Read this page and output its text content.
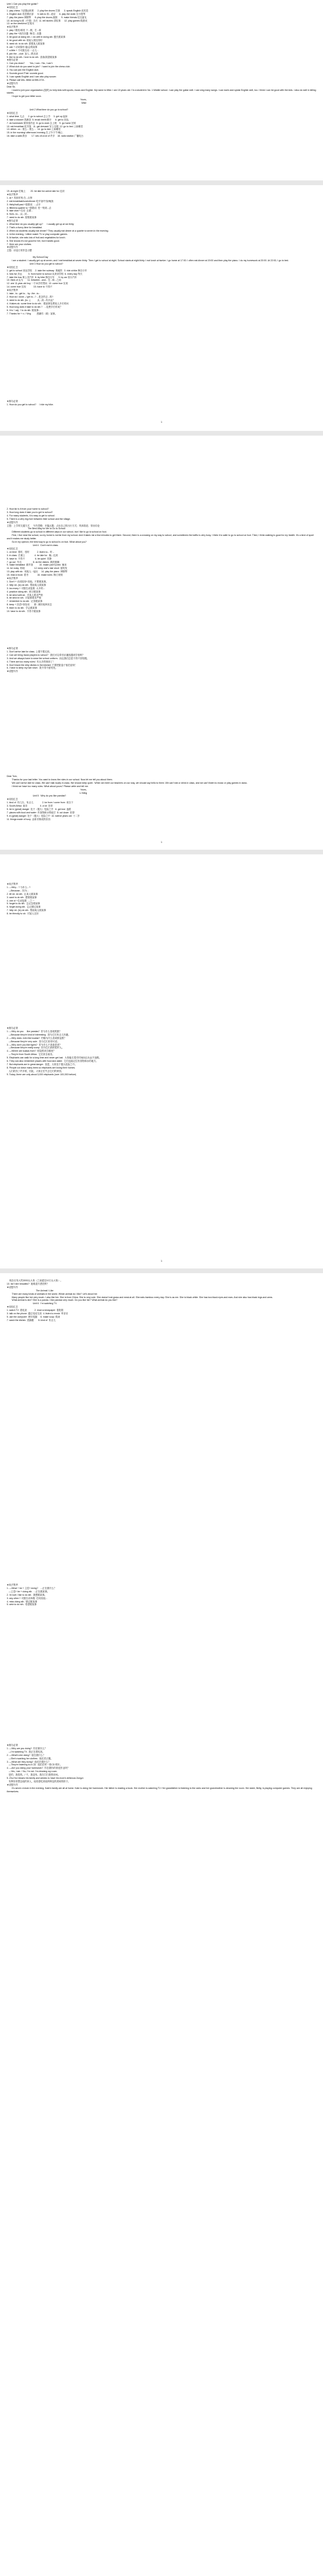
Unit 1 Can you play the guitar?
★词组汇总
1. play chess 下(国际)象棋      2. play the drums 打鼓      3. speak English 说英语
4. English club 英语俱乐部      5. talk to 和...说话      6. play the violin 拉小提琴
7. play the piano 弹钢琴      8. play the drums 敲鼓      9. make friends 结交朋友
10. do kung fu 练（中国）功夫  11. tell stories 讲故事      12. play games 做游戏
13. on the weekend 在周末
★用法集萃
1. play +棋类/球类 下...棋，打...球
2. play the +西洋乐器  弹/拉...乐器
3. be good at doing sth. = do well in doing sth. 擅长做某事
4. be good with sb. 和某人相处得好
5. need sb. to do sth. 需要某人做某事
6. can + 动词原形 能/会做某事
7. a little + 不可数名词 一点儿...
8. join the ...club  加入...俱乐部
9. like to do sth. / love to do sth.  喜欢/渴望做某事
★典句必背
1. Can you draw?        Yes, I can. / No, I can't.
2. What club do you want to join?  I want to join the chess club.
3. You can join the English club.
4. Sounds good./That  sounds good.
5. I can speak English and I can also play soccer.
6. Please call Mrs. Miller at 555-3721.
★话题写作
Dear Sir,
I want to join your organization (组织) to help kids with sports, music and English. My name is Mike. I am 15 years old. I'm a student in No. 1 Middle school. I can play the guitar well. I can sing many songs. I can swim and speak English well, too. I think I can be good with the kids. I also do well in telling stories.
I hope to get your letter soon.
Yours,
Mike

Unit 2 What time do you go to school?
★词组汇总
1. what time 几点      2. go to school 去上学     3. get up 起床
4. take a shower 洗淋浴  5. brush teeth 刷牙      6. get to 到达
7. do homework 做家庭作业  8. go to work 去上班    9. go home 回家
10. eat breakfast 吃早饭   11. get dressed 穿上衣服  12. go to bed 上床睡觉
13. either...or... 要么…要么…  14. go to bed 上床睡觉
15. in the morning/ afternoon/ evening 在上午/下午/晚上
16. take a walk 散步       17. lots of=a lot of 许多    18. radio station 广播电台

19. at night 在晚上        20. be late for=arrive late for 迟到
★用法集萃
1. at + 具体时刻 在...点钟
2. eat breakfast/lunch/dinner 吃早饭/午饭/晚饭
3. thirty/half past +基数词   ...点半
4. fifteen/a quarter to +基数词  差一刻到...点
5. take a/an +名词  去做...
6. from...to... 从...到...
7. need to do sth. 需要做某事
★典句必背
1. What time do you usually get up?      I usually get up at six thirty.
2. That's a funny time for breakfast.
3. When do students usually eat dinner? They usually eat dinner at a quarter to seven in the evening.
4. In the evening, I either watch TV or play computer games.
5. At twelve, she eats lots of fruit and vegetables for lunch.
6. She knows it's not good for her, but it tastes good.
7. Here are your clothes.
★话题写作
主题：谈论日常作息习惯

My School Day
I am a student. I usually get up at seven, and I eat breakfast at seven thirty. Then I get to school at eight. School starts at eight thirty. I eat lunch at twelve. I go home at 17:00. I often eat dinner at 19:00 and then play the piano. I do my homework at 20:00. At 22:00, I go to bed.
Unit 3 How do you get to school?
★词组汇总
1. get to school 到达学校     2. take the subway  乘地铁   3. ride a bike 骑自行车
4. how far 多远          5. from home to school 从家到学校  6. every day 每天
7. take the bus 乘公共汽车  8. by bike 骑自行车      9. by car 坐小汽车
10. think of 认为       11. between...and... 在...和...之间
12. one 11-year-old boy 一个11岁的男孩  13. come true 实现
14. come true 实现            15. have to 不得不
★用法集萃
1. take...to...get to... by...the...to...
2. How do I done.../ get to...? ...是怎样去...的?
3. need to do sth. (to...)           从...到...有多远？
4. It takes sb. some time to do sth.   做某事花费某人多长时间
5. How long does it take to do sth.?   ...花费多长时间？
6. It is + adj. + to do sth. 做某事...
7. Thanks for + n. / Ving         感谢你（做）某事。

★典句必背
1. How do you get to school?     I ride my bike.

1

2. How far is it from your home to school?
3. How long does it take you to get to school?
4. For many students, it is easy to get to school.
5. There is a very big river between their school and the village.
★话题写作
主题：上学的交通方式      写作思路：开篇点题；点出自己的出行方式；具体描述；得出结论
The Best Way for Me to Go to School
Different students go to school in different ways in our school, but I like to go to school on foot.
First, I live near the school, so my home is not far from my school. And it takes me a few minutes to get there. Second, there is a crossing on my way to school, and sometimes the traffic is very busy. I think it is safer to go to school on foot. Third, I think walking is good for my health. It's a kind of sport and it makes me study better.
So in my opinion, the best way to go to school is on foot. What about you?
Unit 4   Don't eat in class.
★词组汇总
1. on time  准时，按时            2. listen to... 听...
3. in class  在课上               4. be late for   晚...迟到
5. have to  不得不                6. be quiet  安静
7. go out  外出                  8. do the dishes  刷洗餐碗
9. make breakfast  做早饭          10. make (one's) bed  铺床
11. be noisy  吵闹               12. keep one's hair short  留短发
13. play with sb.  和某人一起玩     14. play the piano  弹钢琴
15. read a book  看书              16. make rules  制订规则
★用法集萃
1. Don't + 动词原形+其他。不要做某事。
2. help sb. (to) do sth.  帮助某人做某事
3. too many + 可数名词复数  太多的...
4. practice doing sth.  练习做某事
5. be strict with sb.  对某人要求严格
6. be strict in sth.  对某事要求严格
7. remember to do sth.  记得做某事
8. keep + 宾语+形容词       使...保持某种状态
9. learn to do sth.  学会做某事
10. have to do sth.  不得不做某事

★典句必背
1. Don't arrive late for class. 上课不要迟到。
2. Can we bring music players to school?   我们可以带音乐播放器到学校吗？
3. And we always have to wear the school uniform.  而且我们总是不得不穿校服。
4. There are too many rules!  有太多的规则了！
5. Don't leave the dirty dishes in the kitchen! 不要把脏盘子留在厨房！
6. I have to keep my hair short.  我不得不留短发。
★话题写作

1

Dear Tom,
Thanks for your last letter. You want to know the rules in our school. Now let me tell you about them.
We can't arrive late for class. We can't talk loudly in class. We should keep quiet.  When we meet our teachers on our way, we should say hello to them. We can't eat or drink in class, and we can't listen to music or play games in class.
I think we have too many rules. What about yours? Please write and tell me.
Yours,
Li Ming
Unit 5   Why do you like pandas?
★词组汇总
1. kind of  有几分，有点儿              2. be from / come from  来自于
3. South Africa  南非                    4. a lot  非常
5. be in (great) danger  处于（极大）危险之中   6. get lost  迷路
7. places with food and water  有食物和水的地方  8. cut down  砍掉
9. in (great) danger  处于（极大）危险之中  10. twelve years old  十二岁
11. things made of ivory  由象牙制成的东西

★用法集萃
1. —Why... ? 为什么...?
—Because... 因为...
2. let sb. do sth.  让某人做某事
3. want to do sth.  想要做某事
4. one of +名词复数  ...之一
5. forget to do sth.  忘记去做某事
6. forget doing sth.  忘记做过某事
7. help sb. (to) do sth.  帮助某人做某事
8. be friendly to sb.  对某人友好

★典句必背
1. —Why do you     like pandas?  你为什么喜欢熊猫？
—Because they're kind of interesting.  因为它们有点儿有趣。
2. —Why does John like koalas?  约翰为什么喜欢树袋熊？
—Because they're very cute.  因为它们非常可爱。
3. —Why don't you like tigers?  你为什么不喜欢老虎？
—Because they're really scary.  因为它们真的很吓人。
4. —Where are koalas from?  树袋熊来自哪里？
—They're from South Africa.  它们来自南非。
5. Elephants can walk for a long time and never get lost.  大象能走很长时间而且永远不迷路。
6. They can also remember places with food and water.  它们也能记住有食物和水的地方。
7. But elephants are in great danger.  但是，大象处于极大危险之中。
8. People cut down many trees so elephants are losing their homes.
人们砍伐了许多树，因此，大象正在失去它们的家园。
9. Today, there are only about 3,000 elephants (over 100,000 before)

1

现存仅有大约3000头大象（之前超过10万头大象）。
10. Isn't she beautiful?  她难道不漂亮吗？
★话题写作
The Animal I Like
There are many kinds of animals in the world. Which animal do I like? Let's know her.
Many people like her very much. I also like her. She is from China. She is very cute. She doesn't eat grass and meat at all. She eats bamboo every day. She is as me. She is black white. She has two black eyes and ears. And she also has black legs and arms.
What animal is she? She is a panda. I like pandas very much. Do you like her? What animal do you like?
Unit 6   I'm watching TV.
★词组汇总
1. watch TV  看电视            2. read a newspaper  看报纸
3. talk on the phone  通过电话交谈  4. listen to music  听音乐
5. use the computer  使用电脑     6. make soup  做汤
7. wash the dishes  洗碗碟       8. kind of  有点儿

★用法集萃
1. —What + be + 主语+ doing?    ...正在做什么？
—主语+ be + doing sth.  ...正在做某事。
2. I'd love / like to do sth.  我想做某事。
3. any other + 可数名词单数  任何其他...
4. miss doing sth.  错过做某事
5. wish to do sth.  希望做某事

★典句必背
1. —Why are you doing?  你在做什么？
—I'm watching TV.  我正在看电视。
2. —What's she doing?  她在做什么？
—She's washing her clothes.  她在洗衣服。
3. —What are they doing?  他们在做什么？
—They're listening to a CD.  他们在听一张CD 唱片。
4. —Are you doing your homework?  你在做你的家庭作业吗？
—Yes, I am. / No, I'm not. I'm cleaning my room.
是的，我是的。/ 不，我没有。我在打扫我的房间。
5. Zhu Hui misses his family and wishes to have his mom's delicious Zongzi.
朱辉非常想念他的家人，他希望吃到他妈妈包的美味的粽子。
★话题写作
It's seven o'clock in the evening. Kate's family are all at home. Kate is doing her homework. Her father is reading a book. Her mother is watching TV. Her grandfather is listening to the radio and her grandmother is cleaning the room. Her sister, Betty, is playing computer games. They are all enjoying themselves.
